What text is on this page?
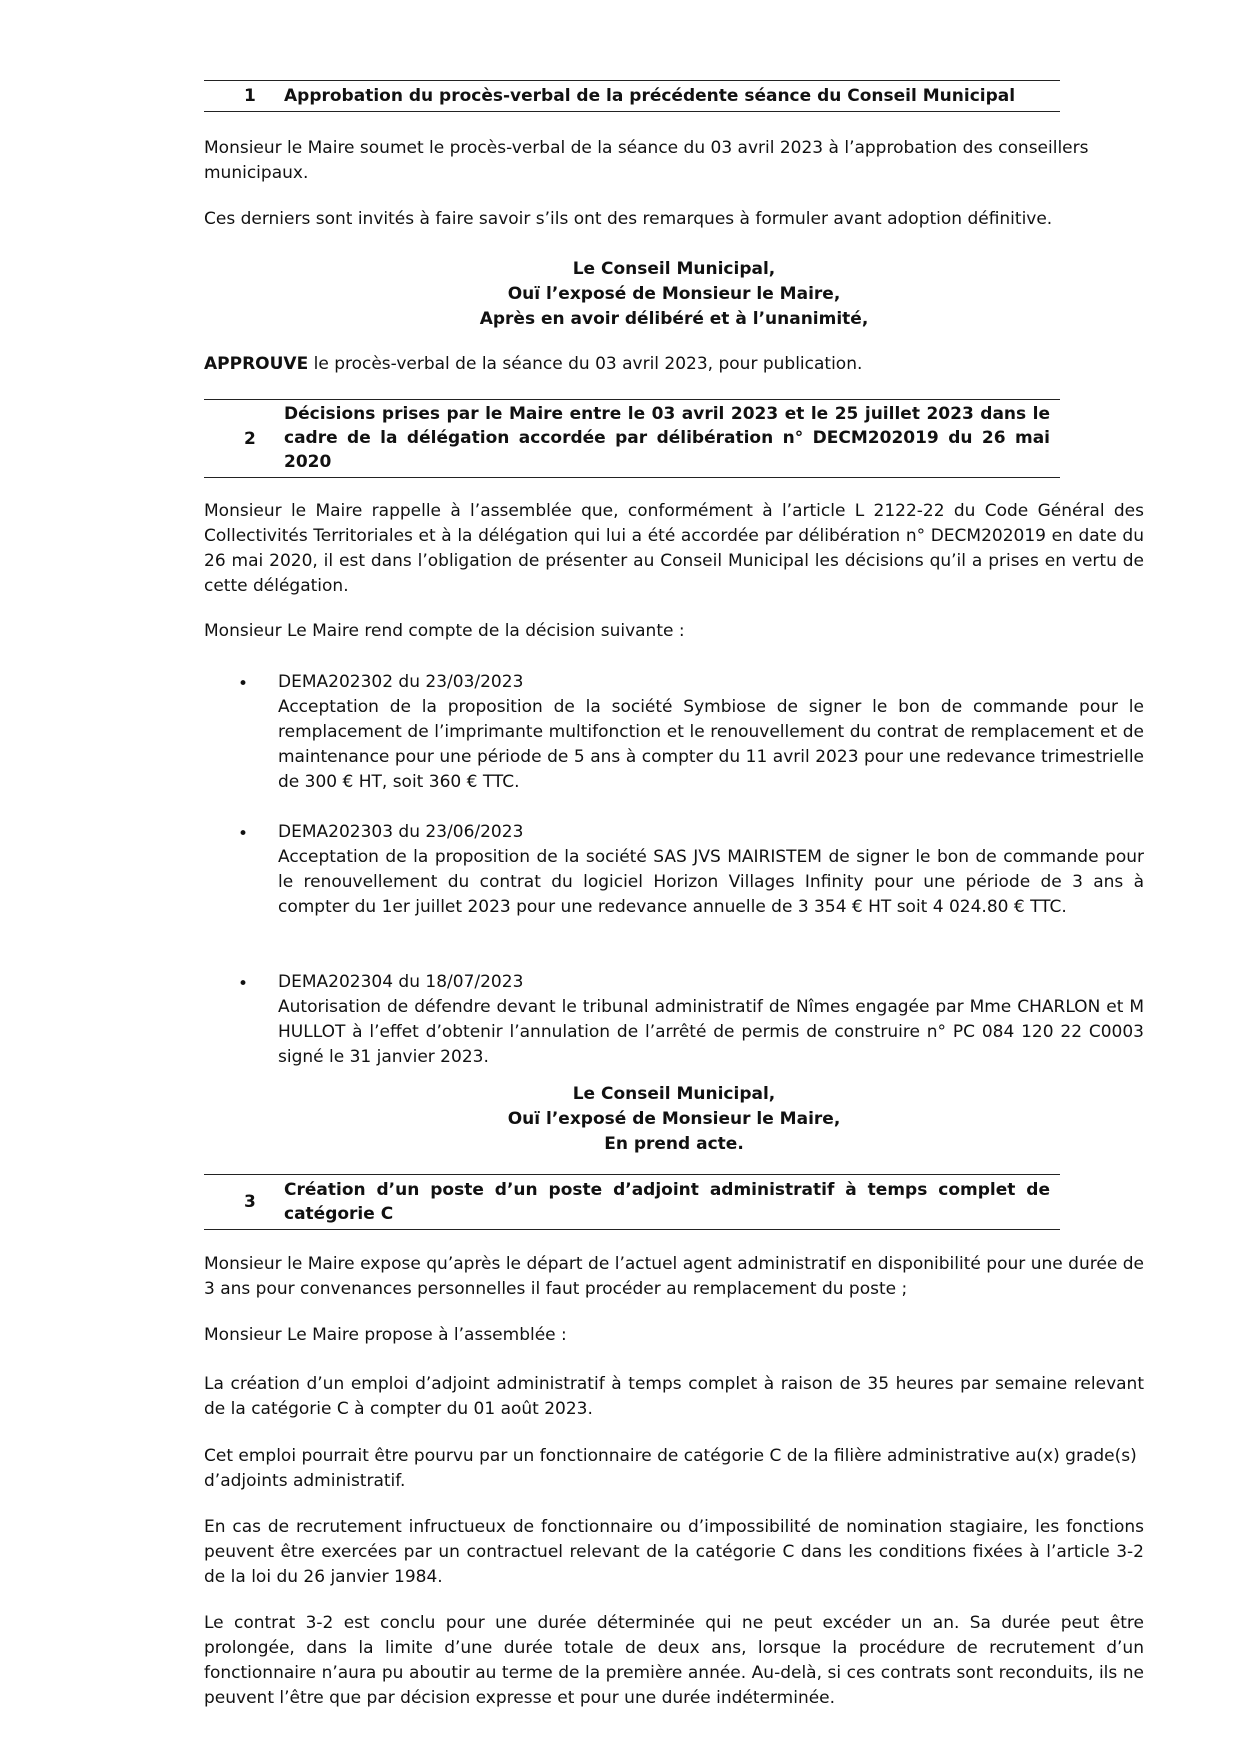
1 Approbation du procès-verbal de la précédente séance du Conseil Municipal

Monsieur le Maire soumet le procès-verbal de la séance du 03 avril 2023 à l’approbation des conseillers municipaux.

Ces derniers sont invités à faire savoir s’ils ont des remarques à formuler avant adoption définitive.

Le Conseil Municipal,
Ouï l’exposé de Monsieur le Maire,
Après en avoir délibéré et à l’unanimité,

APPROUVE le procès-verbal de la séance du 03 avril 2023, pour publication.

2
Décisions prises par le Maire entre le 03 avril 2023 et le 25 juillet 2023 dans le cadre de la délégation accordée par délibération n° DECM202019 du 26 mai 2020

Monsieur le Maire rappelle à l’assemblée que, conformément à l’article L 2122-22 du Code Général des Collectivités Territoriales et à la délégation qui lui a été accordée par délibération n° DECM202019 en date du 26 mai 2020, il est dans l’obligation de présenter au Conseil Municipal les décisions qu’il a prises en vertu de cette délégation.

Monsieur Le Maire rend compte de la décision suivante :

• DEMA202302 du 23/03/2023
Acceptation de la proposition de la société Symbiose de signer le bon de commande pour le remplacement de l’imprimante multifonction et le renouvellement du contrat de remplacement et de maintenance pour une période de 5 ans à compter du 11 avril 2023 pour une redevance trimestrielle de 300 € HT, soit 360 € TTC.
• DEMA202303 du 23/06/2023
Acceptation de la proposition de la société SAS JVS MAIRISTEM de signer le bon de commande pour le renouvellement du contrat du logiciel Horizon Villages Infinity pour une période de 3 ans à compter du 1er juillet 2023 pour une redevance annuelle de 3 354 € HT soit 4 024.80 € TTC.
• DEMA202304 du 18/07/2023
Autorisation de défendre devant le tribunal administratif de Nîmes engagée par Mme CHARLON et M HULLOT à l’effet d’obtenir l’annulation de l’arrêté de permis de construire n° PC 084 120 22 C0003 signé le 31 janvier 2023.
Le Conseil Municipal,
Ouï l’exposé de Monsieur le Maire,
En prend acte.
3
Création d’un poste d’un poste d’adjoint administratif à temps complet de catégorie C

Monsieur le Maire expose qu’après le départ de l’actuel agent administratif en disponibilité pour une durée de 3 ans pour convenances personnelles il faut procéder au remplacement du poste ;

Monsieur Le Maire propose à l’assemblée :

La création d’un emploi d’adjoint administratif à temps complet à raison de 35 heures par semaine relevant de la catégorie C à compter du 01 août 2023.

Cet emploi pourrait être pourvu par un fonctionnaire de catégorie C de la filière administrative au(x) grade(s) d’adjoints administratif.

En cas de recrutement infructueux de fonctionnaire ou d’impossibilité de nomination stagiaire, les fonctions peuvent être exercées par un contractuel relevant de la catégorie C dans les conditions fixées à l’article 3-2 de la loi du 26 janvier 1984.

Le contrat 3-2 est conclu pour une durée déterminée qui ne peut excéder un an. Sa durée peut être prolongée, dans la limite d’une durée totale de deux ans, lorsque la procédure de recrutement d’un fonctionnaire n’aura pu aboutir au terme de la première année. Au-delà, si ces contrats sont reconduits, ils ne peuvent l’être que par décision expresse et pour une durée indéterminée.
